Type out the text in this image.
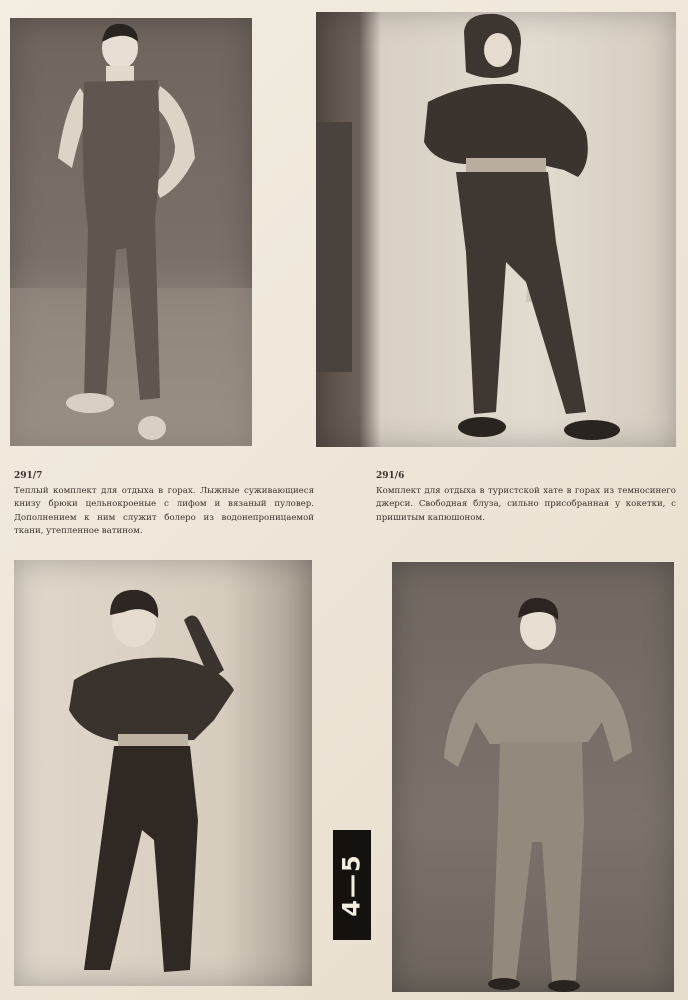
291/7
Теплый комплект для отдыха в горах. Лыжные суживающиеся книзу брюки цельнокроеные с лифом и вязаный пуловер. Дополнением к ним служит болеро из водонепроницаемой ткани, утепленное ватином.
291/6
Комплект для отдыха в туристской хате в горах из темносинего джерси. Свободная блуза, сильно присобранная у кокетки, с пришитым капюшоном.
4—5
